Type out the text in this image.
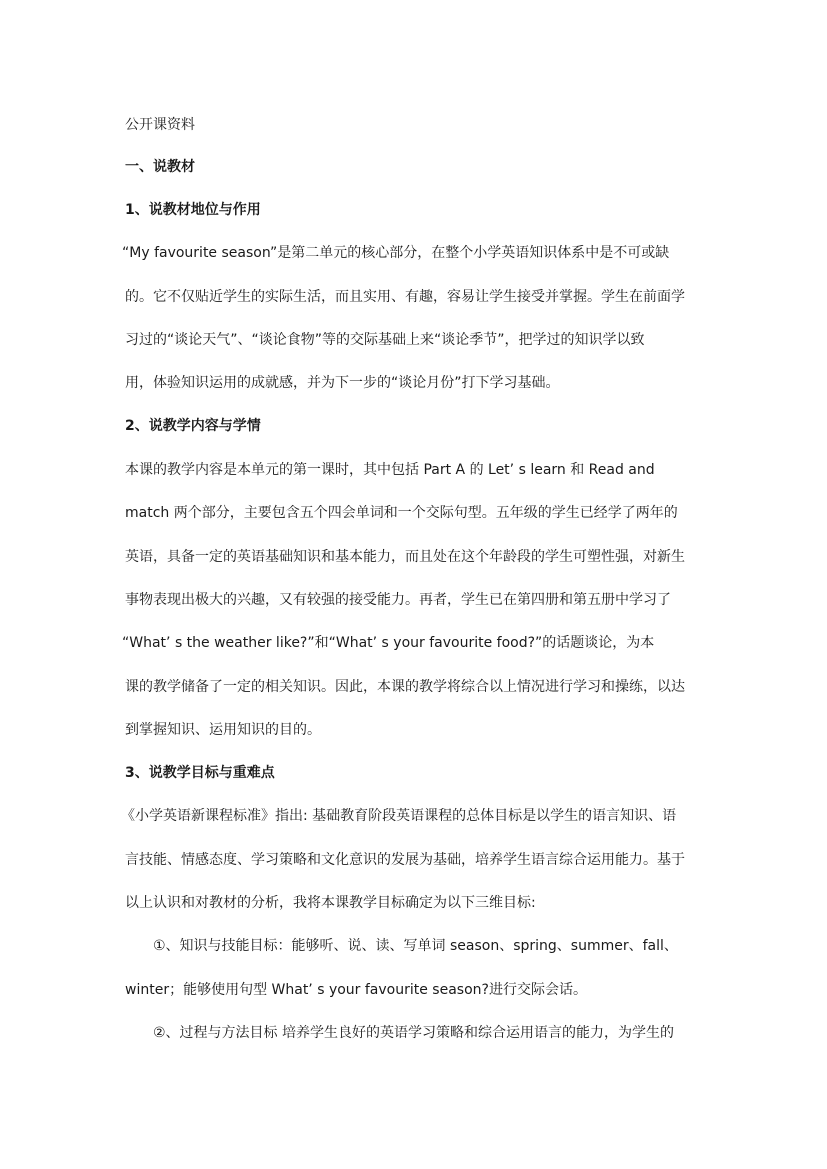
公开课资料
一、说教材
1、说教材地位与作用
“My favourite season”是第二单元的核心部分，在整个小学英语知识体系中是不可或缺
的。它不仅贴近学生的实际生活，而且实用、有趣，容易让学生接受并掌握。学生在前面学
习过的“谈论天气”、“谈论食物”等的交际基础上来“谈论季节”，把学过的知识学以致
用，体验知识运用的成就感，并为下一步的“谈论月份”打下学习基础。
2、说教学内容与学情
本课的教学内容是本单元的第一课时，其中包括 Part A 的 Let’ s learn 和 Read and
match 两个部分，主要包含五个四会单词和一个交际句型。五年级的学生已经学了两年的
英语，具备一定的英语基础知识和基本能力，而且处在这个年龄段的学生可塑性强，对新生
事物表现出极大的兴趣，又有较强的接受能力。再者，学生已在第四册和第五册中学习了
“What’ s the weather like?”和“What’ s your favourite food?”的话题谈论，为本
课的教学储备了一定的相关知识。因此，本课的教学将综合以上情况进行学习和操练，以达
到掌握知识、运用知识的目的。
3、说教学目标与重难点
《小学英语新课程标准》指出: 基础教育阶段英语课程的总体目标是以学生的语言知识、语
言技能、情感态度、学习策略和文化意识的发展为基础，培养学生语言综合运用能力。基于
以上认识和对教材的分析，我将本课教学目标确定为以下三维目标:
①、知识与技能目标：能够听、说、读、写单词 season、spring、summer、fall、
winter；能够使用句型 What’ s your favourite season?进行交际会话。
②、过程与方法目标 培养学生良好的英语学习策略和综合运用语言的能力，为学生的
